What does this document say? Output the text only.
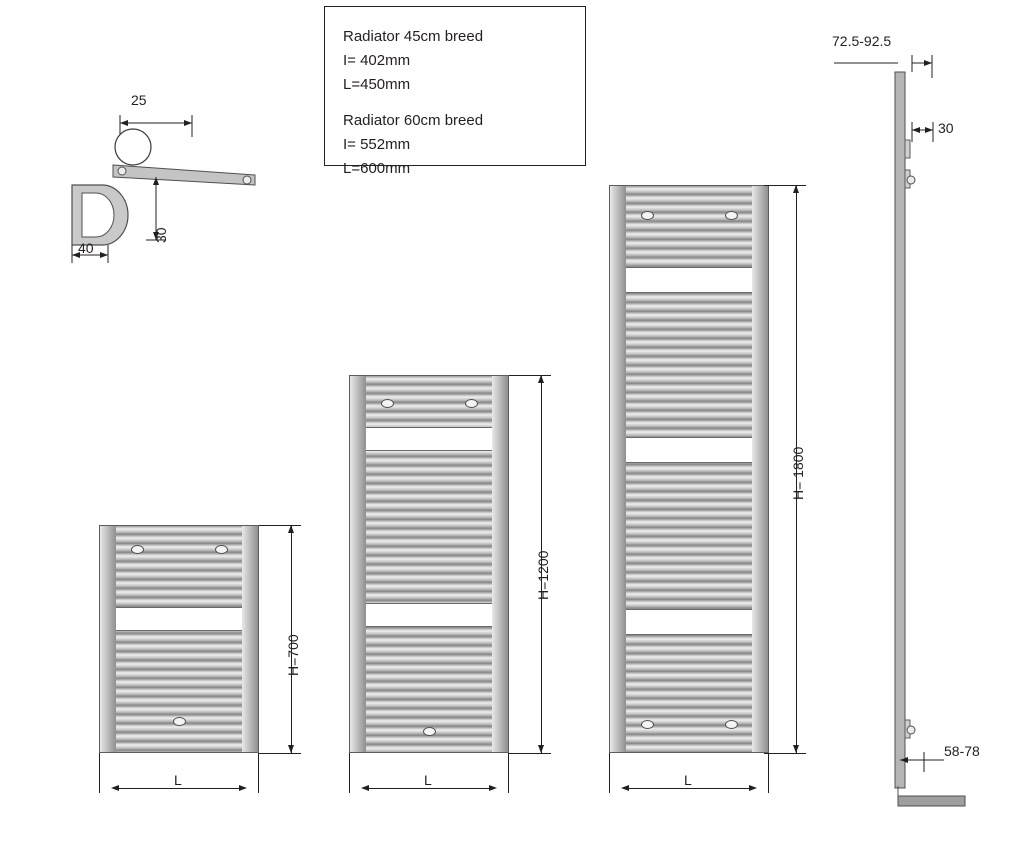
Radiator 45cm breed
I= 402mm
L=450mm
Radiator 60cm breed
I= 552mm
L=600mm
25
30
40
H=700
L
H=1200
L
H= 1800
L
72.5-92.5
30
58-78
